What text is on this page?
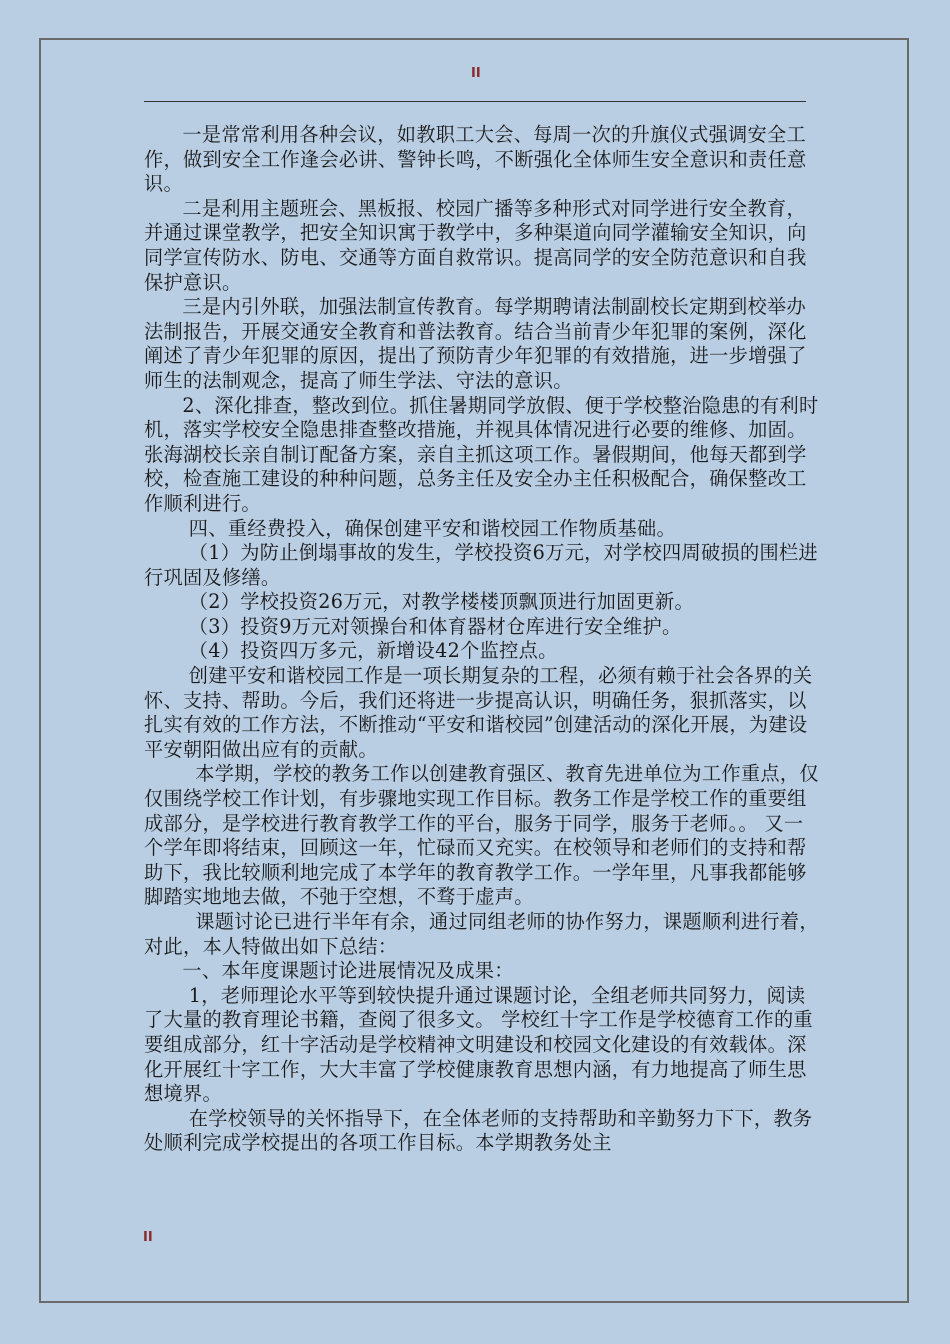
II

一是常常利用各种会议，如教职工大会、每周一次的升旗仪式强调安全工作，做到安全工作逢会必讲、警钟长鸣，不断强化全体师生安全意识和责任意识。

二是利用主题班会、黑板报、校园广播等多种形式对同学进行安全教育，并通过课堂教学，把安全知识寓于教学中，多种渠道向同学灌输安全知识，向同学宣传防水、防电、交通等方面自救常识。提高同学的安全防范意识和自我保护意识。

三是内引外联，加强法制宣传教育。每学期聘请法制副校长定期到校举办法制报告，开展交通安全教育和普法教育。结合当前青少年犯罪的案例，深化阐述了青少年犯罪的原因，提出了预防青少年犯罪的有效措施，进一步增强了师生的法制观念，提高了师生学法、守法的意识。

2、深化排查，整改到位。抓住暑期同学放假、便于学校整治隐患的有利时机，落实学校安全隐患排查整改措施，并视具体情况进行必要的维修、加固。张海湖校长亲自制订配备方案，亲自主抓这项工作。暑假期间，他每天都到学校，检查施工建设的种种问题，总务主任及安全办主任积极配合，确保整改工作顺利进行。

四、重经费投入，确保创建平安和谐校园工作物质基础。

（1）为防止倒塌事故的发生，学校投资6万元，对学校四周破损的围栏进行巩固及修缮。

（2）学校投资26万元，对教学楼楼顶飘顶进行加固更新。

（3）投资9万元对领操台和体育器材仓库进行安全维护。

（4）投资四万多元，新增设42个监控点。

创建平安和谐校园工作是一项长期复杂的工程，必须有赖于社会各界的关怀、支持、帮助。今后，我们还将进一步提高认识，明确任务，狠抓落实，以扎实有效的工作方法，不断推动“平安和谐校园”创建活动的深化开展，为建设平安朝阳做出应有的贡献。

本学期，学校的教务工作以创建教育强区、教育先进单位为工作重点，仅仅围绕学校工作计划，有步骤地实现工作目标。教务工作是学校工作的重要组成部分，是学校进行教育教学工作的平台，服务于同学，服务于老师。。 又一个学年即将结束，回顾这一年，忙碌而又充实。在校领导和老师们的支持和帮助下，我比较顺利地完成了本学年的教育教学工作。一学年里，凡事我都能够脚踏实地地去做，不弛于空想，不骛于虚声。

课题讨论已进行半年有余，通过同组老师的协作努力，课题顺利进行着，对此，本人特做出如下总结：

一、本年度课题讨论进展情况及成果：

1，老师理论水平等到较快提升通过课题讨论，全组老师共同努力，阅读了大量的教育理论书籍，查阅了很多文。 学校红十字工作是学校德育工作的重要组成部分，红十字活动是学校精神文明建设和校园文化建设的有效载体。深化开展红十字工作，大大丰富了学校健康教育思想内涵，有力地提高了师生思想境界。

在学校领导的关怀指导下，在全体老师的支持帮助和辛勤努力下下，教务处顺利完成学校提出的各项工作目标。本学期教务处主

II
